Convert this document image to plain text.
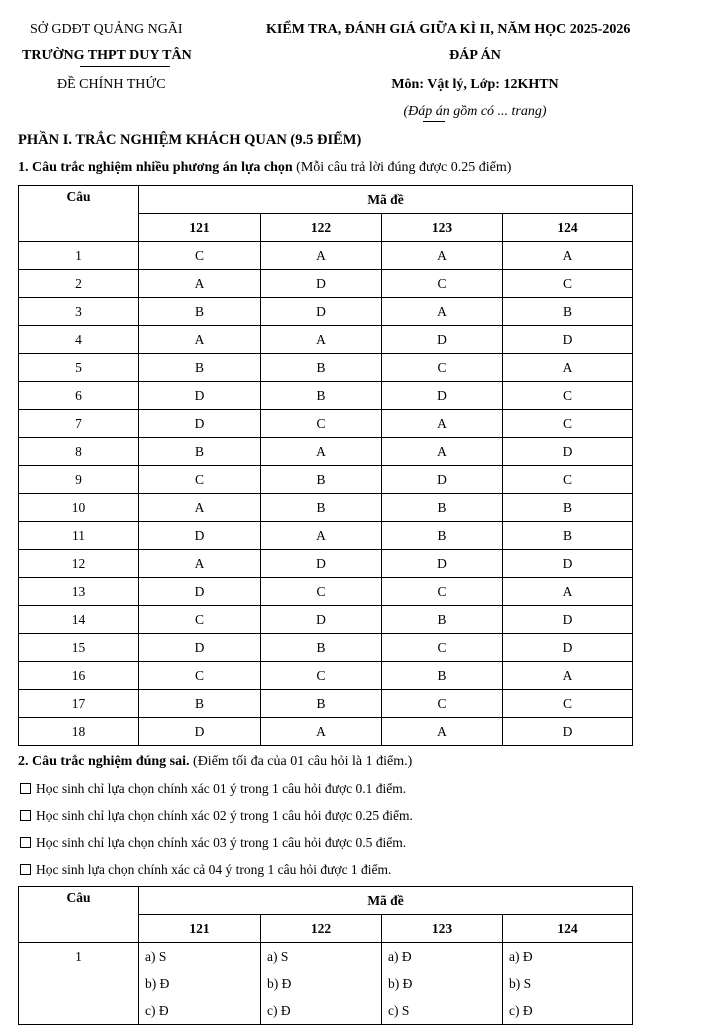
SỞ GDĐT QUẢNG NGÃI
TRƯỜNG THPT DUY TÂN
ĐỀ CHÍNH THỨC
KIỂM TRA, ĐÁNH GIÁ GIỮA KÌ II, NĂM HỌC 2025-2026
ĐÁP ÁN
Môn: Vật lý, Lớp: 12KHTN
(Đáp án gồm có ... trang)
PHẦN I. TRẮC NGHIỆM KHÁCH QUAN (9.5 ĐIỂM)
1. Câu trắc nghiệm nhiều phương án lựa chọn (Mỗi câu trả lời đúng được 0.25 điểm)
Câu	Mã đề			
	121	122	123	124
1	C	A	A	A
2	A	D	C	C
3	B	D	A	B
4	A	A	D	D
5	B	B	C	A
6	D	B	D	C
7	D	C	A	C
8	B	A	A	D
9	C	B	D	C
10	A	B	B	B
11	D	A	B	B
12	A	D	D	D
13	D	C	C	A
14	C	D	B	D
15	D	B	C	D
16	C	C	B	A
17	B	B	C	C
18	D	A	A	D
2. Câu trắc nghiệm đúng sai. (Điểm tối đa của 01 câu hỏi là 1 điểm.)
Học sinh chỉ lựa chọn chính xác 01 ý trong 1 câu hỏi được 0.1 điểm.
Học sinh chỉ lựa chọn chính xác 02 ý trong 1 câu hỏi được 0.25 điểm.
Học sinh chỉ lựa chọn chính xác 03 ý trong 1 câu hỏi được 0.5 điểm.
Học sinh lựa chọn chính xác cả 04 ý trong 1 câu hỏi được 1 điểm.
Câu	Mã đề			
	121	122	123	124
1	a) S	a) S	a) Đ	a) Đ
	b) Đ	b) Đ	b) Đ	b) S
	c) Đ	c) Đ	c) S	c) Đ
